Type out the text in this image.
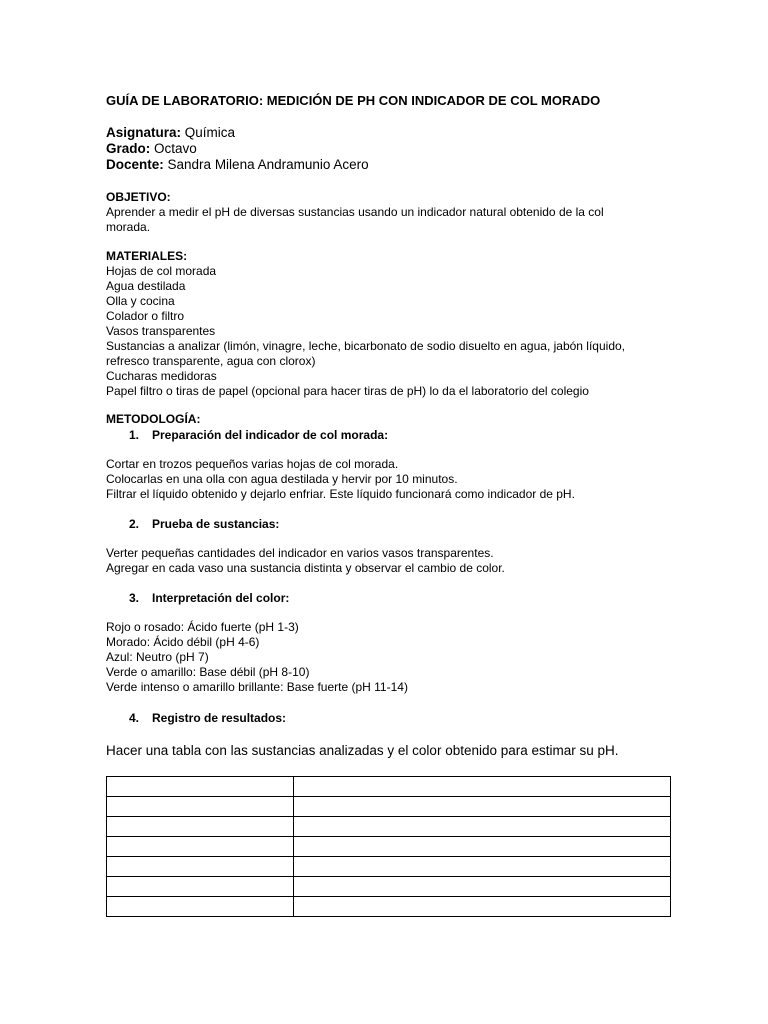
GUÍA DE LABORATORIO: MEDICIÓN DE PH CON INDICADOR DE COL MORADO
Asignatura: Química
Grado: Octavo
Docente: Sandra Milena Andramunio Acero
OBJETIVO:
Aprender a medir el pH de diversas sustancias usando un indicador natural obtenido de la col morada.
MATERIALES:
Hojas de col morada
Agua destilada
Olla y cocina
Colador o filtro
Vasos transparentes
Sustancias a analizar (limón, vinagre, leche, bicarbonato de sodio disuelto en agua, jabón líquido, refresco transparente, agua con clorox)
Cucharas medidoras
Papel filtro o tiras de papel (opcional para hacer tiras de pH) lo da el laboratorio del colegio
METODOLOGÍA:
1. Preparación del indicador de col morada:
Cortar en trozos pequeños varias hojas de col morada.
Colocarlas en una olla con agua destilada y hervir por 10 minutos.
Filtrar el líquido obtenido y dejarlo enfriar. Este líquido funcionará como indicador de pH.
2. Prueba de sustancias:
Verter pequeñas cantidades del indicador en varios vasos transparentes.
Agregar en cada vaso una sustancia distinta y observar el cambio de color.
3. Interpretación del color:
Rojo o rosado: Ácido fuerte (pH 1-3)
Morado: Ácido débil (pH 4-6)
Azul: Neutro (pH 7)
Verde o amarillo: Base débil (pH 8-10)
Verde intenso o amarillo brillante: Base fuerte (pH 11-14)
4. Registro de resultados:
Hacer una tabla con las sustancias analizadas y el color obtenido para estimar su pH.
